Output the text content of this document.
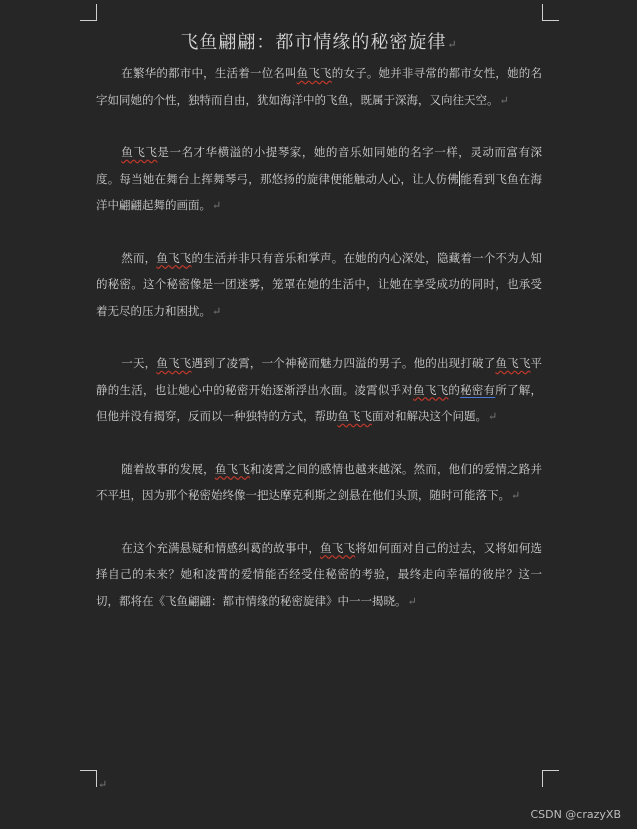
飞鱼翩翩：都市情缘的秘密旋律↵

在繁华的都市中，生活着一位名叫鱼飞飞的女子。她并非寻常的都市女性，她的名字如同她的个性，独特而自由，犹如海洋中的飞鱼，既属于深海，又向往天空。↵

鱼飞飞是一名才华横溢的小提琴家，她的音乐如同她的名字一样，灵动而富有深度。每当她在舞台上挥舞琴弓，那悠扬的旋律便能触动人心，让人仿佛能看到飞鱼在海洋中翩翩起舞的画面。↵

然而，鱼飞飞的生活并非只有音乐和掌声。在她的内心深处，隐藏着一个不为人知的秘密。这个秘密像是一团迷雾，笼罩在她的生活中，让她在享受成功的同时，也承受着无尽的压力和困扰。↵

一天，鱼飞飞遇到了凌霄，一个神秘而魅力四溢的男子。他的出现打破了鱼飞飞平静的生活，也让她心中的秘密开始逐渐浮出水面。凌霄似乎对鱼飞飞的秘密有所了解，但他并没有揭穿，反而以一种独特的方式，帮助鱼飞飞面对和解决这个问题。↵

随着故事的发展，鱼飞飞和凌霄之间的感情也越来越深。然而，他们的爱情之路并不平坦，因为那个秘密始终像一把达摩克利斯之剑悬在他们头顶，随时可能落下。↵

在这个充满悬疑和情感纠葛的故事中，鱼飞飞将如何面对自己的过去，又将如何选择自己的未来？她和凌霄的爱情能否经受住秘密的考验，最终走向幸福的彼岸？这一切，都将在《飞鱼翩翩：都市情缘的秘密旋律》中一一揭晓。↵

↵
CSDN @crazyXB
